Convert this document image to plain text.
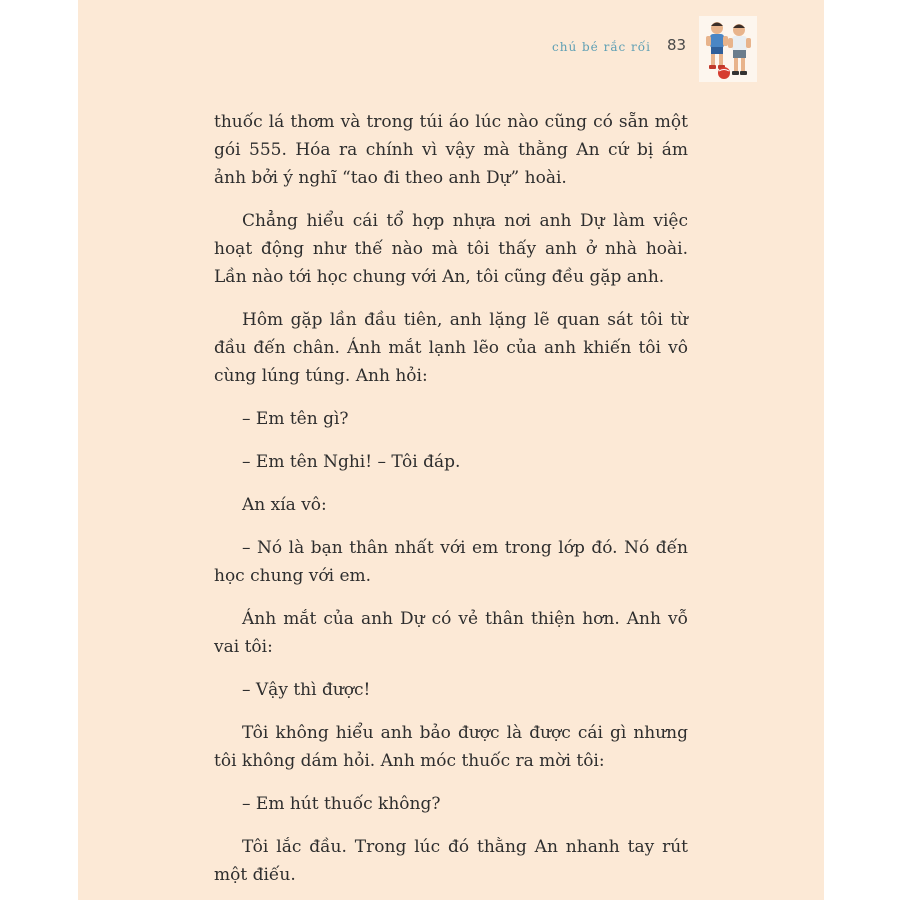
chú bé rắc rối 83

thuốc lá thơm và trong túi áo lúc nào cũng có sẵn một gói 555. Hóa ra chính vì vậy mà thằng An cứ bị ám ảnh bởi ý nghĩ “tao đi theo anh Dự” hoài.

Chẳng hiểu cái tổ hợp nhựa nơi anh Dự làm việc hoạt động như thế nào mà tôi thấy anh ở nhà hoài. Lần nào tới học chung với An, tôi cũng đều gặp anh.

Hôm gặp lần đầu tiên, anh lặng lẽ quan sát tôi từ đầu đến chân. Ánh mắt lạnh lẽo của anh khiến tôi vô cùng lúng túng. Anh hỏi:

– Em tên gì?

– Em tên Nghi! – Tôi đáp.

An xía vô:

– Nó là bạn thân nhất với em trong lớp đó. Nó đến học chung với em.

Ánh mắt của anh Dự có vẻ thân thiện hơn. Anh vỗ vai tôi:

– Vậy thì được!

Tôi không hiểu anh bảo được là được cái gì nhưng tôi không dám hỏi. Anh móc thuốc ra mời tôi:

– Em hút thuốc không?

Tôi lắc đầu. Trong lúc đó thằng An nhanh tay rút một điếu.
